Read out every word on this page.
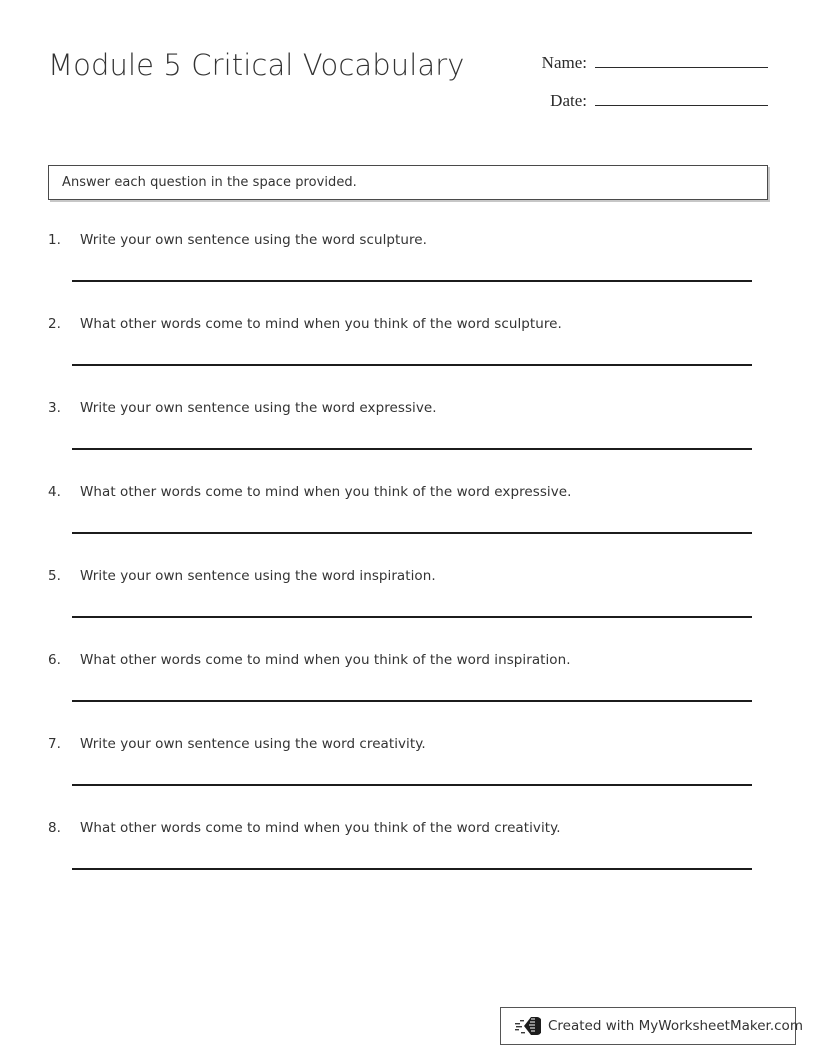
Module 5 Critical Vocabulary	Name:
Date:
Answer each question in the space provided.
1.	Write your own sentence using the word sculpture.
2.	What other words come to mind when you think of the word sculpture.
3.	Write your own sentence using the word expressive.
4.	What other words come to mind when you think of the word expressive.
5.	Write your own sentence using the word inspiration.
6.	What other words come to mind when you think of the word inspiration.
7.	Write your own sentence using the word creativity.
8.	What other words come to mind when you think of the word creativity.
Created with MyWorksheetMaker.com
